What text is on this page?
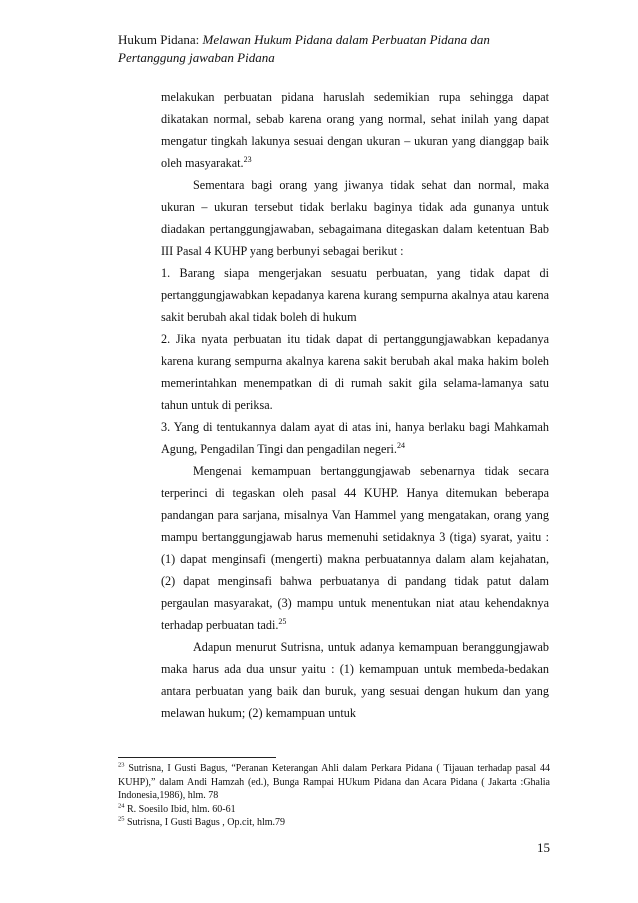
Hukum Pidana: Melawan Hukum Pidana dalam Perbuatan Pidana dan Pertanggung jawaban Pidana

melakukan perbuatan pidana haruslah sedemikian rupa sehingga dapat dikatakan normal, sebab karena orang yang normal, sehat inilah yang dapat mengatur tingkah lakunya sesuai dengan ukuran – ukuran yang dianggap baik oleh masyarakat.$^{23}$

Sementara bagi orang yang jiwanya tidak sehat dan normal, maka ukuran – ukuran tersebut tidak berlaku baginya tidak ada gunanya untuk diadakan pertanggungjawaban, sebagaimana ditegaskan dalam ketentuan Bab III Pasal 4 KUHP yang berbunyi sebagai berikut :

1. Barang siapa mengerjakan sesuatu perbuatan, yang tidak dapat di pertanggungjawabkan kepadanya karena kurang sempurna akalnya atau karena sakit berubah akal tidak boleh di hukum

2. Jika nyata perbuatan itu tidak dapat di pertanggungjawabkan kepadanya karena kurang sempurna akalnya karena sakit berubah akal maka hakim boleh memerintahkan menempatkan di di rumah sakit gila selama-lamanya satu tahun untuk di periksa.

3. Yang di tentukannya dalam ayat di atas ini, hanya berlaku bagi Mahkamah Agung, Pengadilan Tingi dan pengadilan negeri.$^{24}$

Mengenai kemampuan bertanggungjawab sebenarnya tidak secara terperinci di tegaskan oleh pasal 44 KUHP. Hanya ditemukan beberapa pandangan para sarjana, misalnya Van Hammel yang mengatakan, orang yang mampu bertanggungjawab harus memenuhi setidaknya 3 (tiga) syarat, yaitu : (1) dapat menginsafi (mengerti) makna perbuatannya dalam alam kejahatan, (2) dapat menginsafi bahwa perbuatanya di pandang tidak patut dalam pergaulan masyarakat, (3) mampu untuk menentukan niat atau kehendaknya terhadap perbuatan tadi.$^{25}$

Adapun menurut Sutrisna, untuk adanya kemampuan beranggungjawab maka harus ada dua unsur yaitu : (1) kemampuan untuk membeda-bedakan antara perbuatan yang baik dan buruk, yang sesuai dengan hukum dan yang melawan hukum; (2) kemampuan untuk

$^{23}$ Sutrisna, I Gusti Bagus, “Peranan Keterangan Ahli dalam Perkara Pidana ( Tijauan terhadap pasal 44 KUHP),” dalam Andi Hamzah (ed.), Bunga Rampai HUkum Pidana dan Acara Pidana ( Jakarta :Ghalia Indonesia,1986), hlm. 78

$^{24}$ R. Soesilo Ibid, hlm. 60-61

$^{25}$ Sutrisna, I Gusti Bagus , Op.cit, hlm.79

15
